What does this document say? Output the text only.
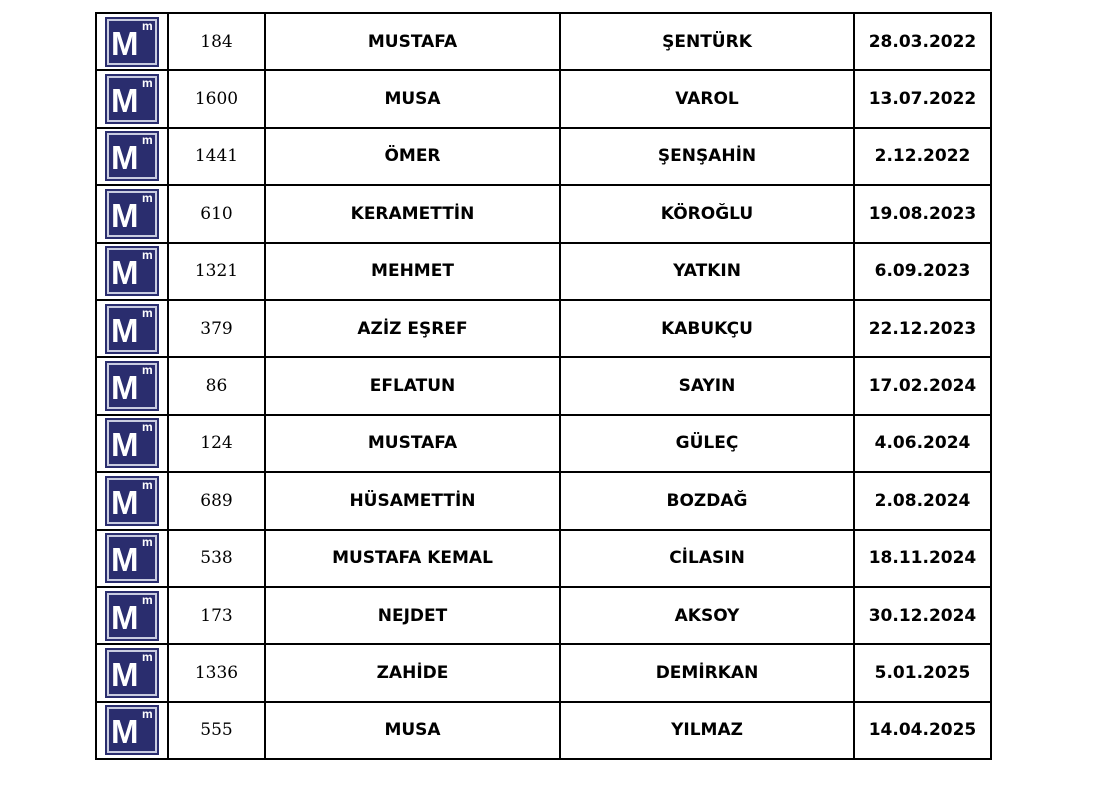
M m	184	MUSTAFA	ŞENTÜRK	28.03.2022

M m	1600	MUSA	VAROL	13.07.2022

M m	1441	ÖMER	ŞENŞAHİN	2.12.2022

M m	610	KERAMETTİN	KÖROĞLU	19.08.2023

M m	1321	MEHMET	YATKIN	6.09.2023

M m	379	AZİZ EŞREF	KABUKÇU	22.12.2023

M m	86	EFLATUN	SAYIN	17.02.2024

M m	124	MUSTAFA	GÜLEÇ	4.06.2024

M m	689	HÜSAMETTİN	BOZDAĞ	2.08.2024

M m	538	MUSTAFA KEMAL	CİLASIN	18.11.2024

M m	173	NEJDET	AKSOY	30.12.2024

M m	1336	ZAHİDE	DEMİRKAN	5.01.2025

M m	555	MUSA	YILMAZ	14.04.2025
